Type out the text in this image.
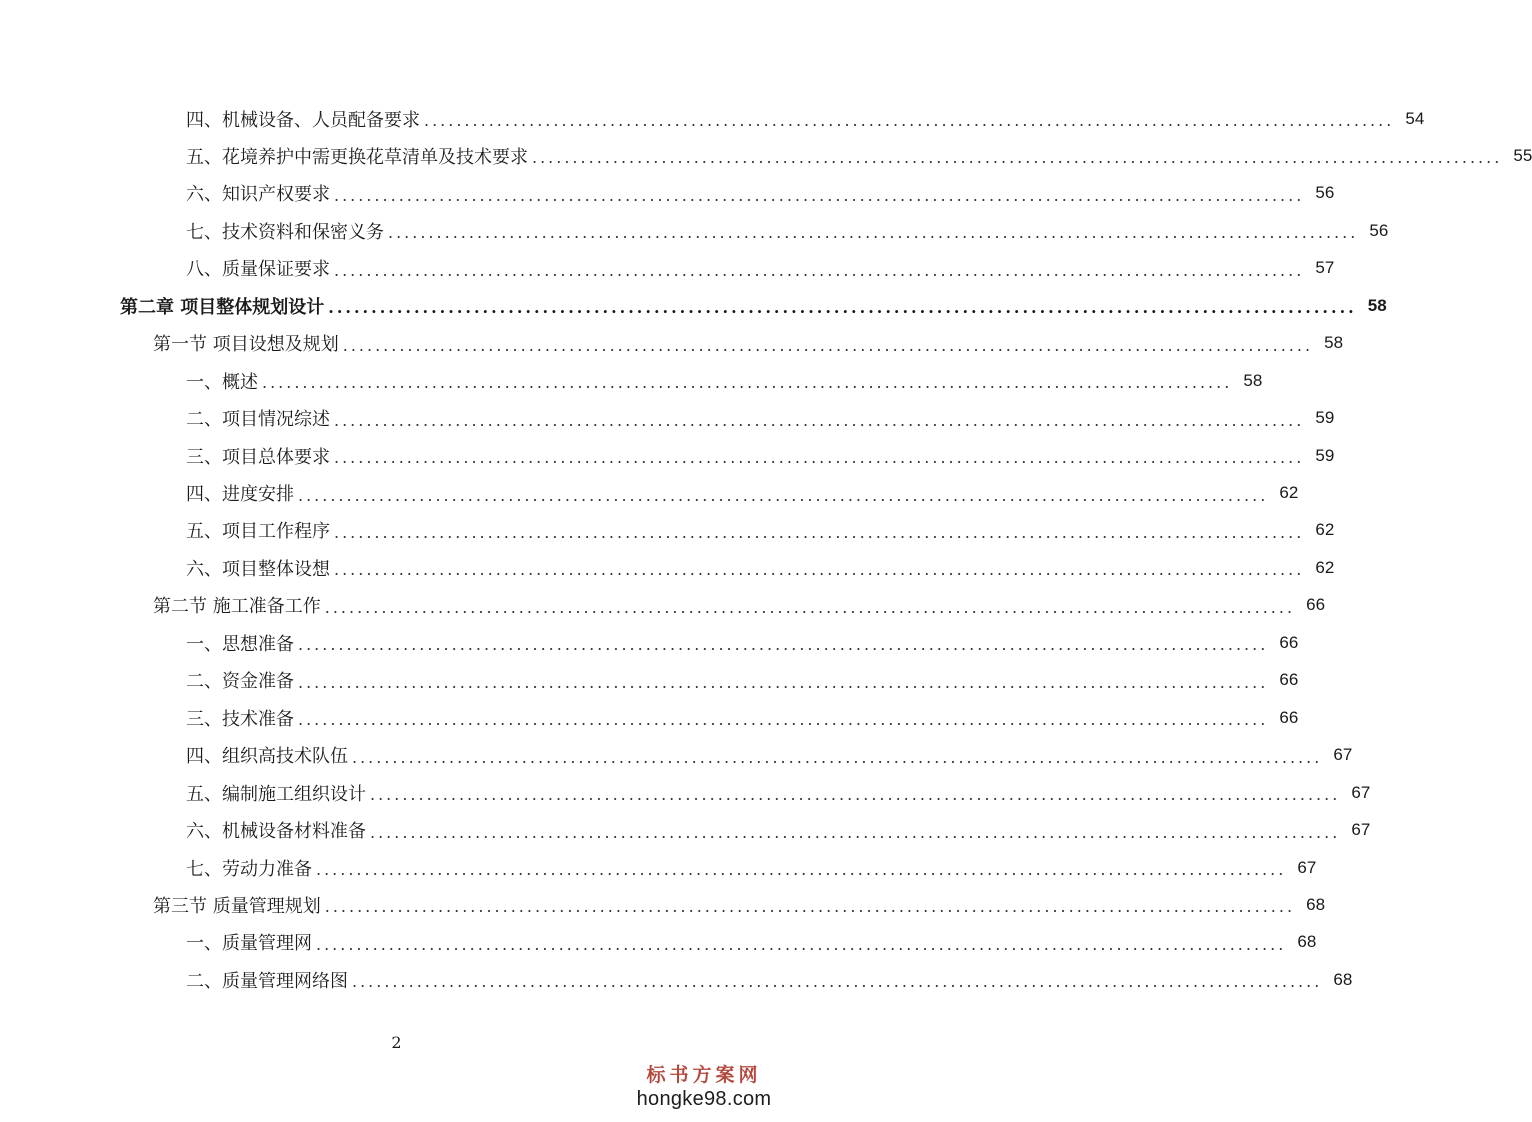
四、机械设备、人员配备要求 ........................................................................................................................ 54
五、花境养护中需更换花草清单及技术要求 ........................................................................................................................ 55
六、知识产权要求 ........................................................................................................................ 56
七、技术资料和保密义务 ........................................................................................................................ 56
八、质量保证要求 ........................................................................................................................ 57
第二章 项目整体规划设计 ........................................................................................................................ 58
第一节 项目设想及规划 ........................................................................................................................ 58
一、概述 ........................................................................................................................ 58
二、项目情况综述 ........................................................................................................................ 59
三、项目总体要求 ........................................................................................................................ 59
四、进度安排 ........................................................................................................................ 62
五、项目工作程序 ........................................................................................................................ 62
六、项目整体设想 ........................................................................................................................ 62
第二节 施工准备工作 ........................................................................................................................ 66
一、思想准备 ........................................................................................................................ 66
二、资金准备 ........................................................................................................................ 66
三、技术准备 ........................................................................................................................ 66
四、组织高技术队伍 ........................................................................................................................ 67
五、编制施工组织设计 ........................................................................................................................ 67
六、机械设备材料准备 ........................................................................................................................ 67
七、劳动力准备 ........................................................................................................................ 67
第三节 质量管理规划 ........................................................................................................................ 68
一、质量管理网 ........................................................................................................................ 68
二、质量管理网络图 ........................................................................................................................ 68
2
标书方案网
hongke98.com
